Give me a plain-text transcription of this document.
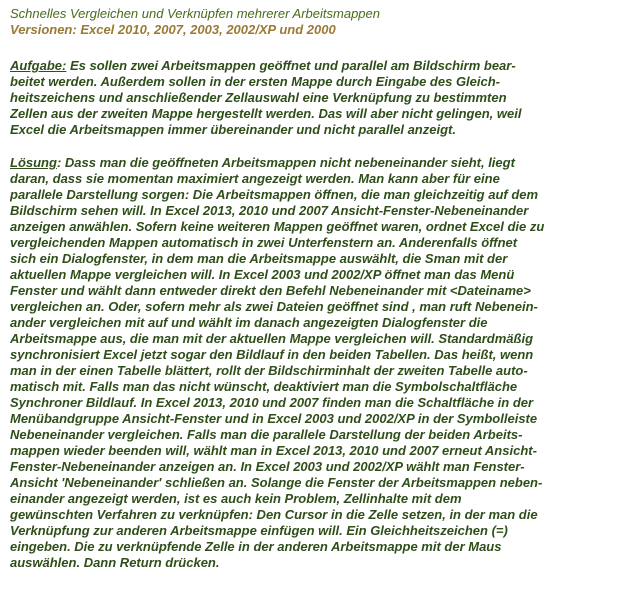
Schnelles Vergleichen und Verknüpfen mehrerer Arbeitsmappen
Versionen: Excel 2010, 2007, 2003, 2002/XP und 2000
Aufgabe: Es sollen zwei Arbeitsmappen geöffnet und parallel am Bildschirm bear-
beitet werden. Außerdem sollen in der ersten Mappe durch Eingabe des Gleich-
heitszeichens und anschließender Zellauswahl eine Verknüpfung zu bestimmten
Zellen aus der zweiten Mappe hergestellt werden. Das will aber nicht gelingen, weil
Excel die Arbeitsmappen immer übereinander und nicht parallel anzeigt.
Lösung: Dass man die geöffneten Arbeitsmappen nicht nebeneinander sieht, liegt
daran, dass sie momentan maximiert angezeigt werden. Man kann aber für eine
parallele Darstellung sorgen: Die Arbeitsmappen öffnen, die man gleichzeitig auf dem
Bildschirm sehen will. In Excel 2013, 2010 und 2007 Ansicht-Fenster-Nebeneinander
anzeigen anwählen. Sofern keine weiteren Mappen geöffnet waren, ordnet Excel die zu
vergleichenden Mappen automatisch in zwei Unterfenstern an. Anderenfalls öffnet
sich ein Dialogfenster, in dem man die Arbeitsmappe auswählt, die Sman mit der
aktuellen Mappe vergleichen will. In Excel 2003 und 2002/XP öffnet man das Menü
Fenster und wählt dann entweder direkt den Befehl Nebeneinander mit <Dateiname>
vergleichen an. Oder, sofern mehr als zwei Dateien geöffnet sind , man ruft Nebenein-
ander vergleichen mit auf und wählt im danach angezeigten Dialogfenster die
Arbeitsmappe aus, die man mit der aktuellen Mappe vergleichen will. Standardmäßig
synchronisiert Excel jetzt sogar den Bildlauf in den beiden Tabellen. Das heißt, wenn
man in der einen Tabelle blättert, rollt der Bildschirminhalt der zweiten Tabelle auto-
matisch mit. Falls man das nicht wünscht, deaktiviert man die Symbolschaltfläche
Synchroner Bildlauf. In Excel 2013, 2010 und 2007 finden man die Schaltfläche in der
Menübandgruppe Ansicht-Fenster und in Excel 2003 und 2002/XP in der Symbolleiste
Nebeneinander vergleichen. Falls man die parallele Darstellung der beiden Arbeits-
mappen wieder beenden will, wählt man in Excel 2013, 2010 und 2007 erneut Ansicht-
Fenster-Nebeneinander anzeigen an. In Excel 2003 und 2002/XP wählt man Fenster-
Ansicht 'Nebeneinander' schließen an. Solange die Fenster der Arbeitsmappen neben-
einander angezeigt werden, ist es auch kein Problem, Zellinhalte mit dem
gewünschten Verfahren zu verknüpfen: Den Cursor in die Zelle setzen, in der man die
Verknüpfung zur anderen Arbeitsmappe einfügen will. Ein Gleichheitszeichen (=)
eingeben. Die zu verknüpfende Zelle in der anderen Arbeitsmappe mit der Maus
auswählen. Dann Return drücken.
